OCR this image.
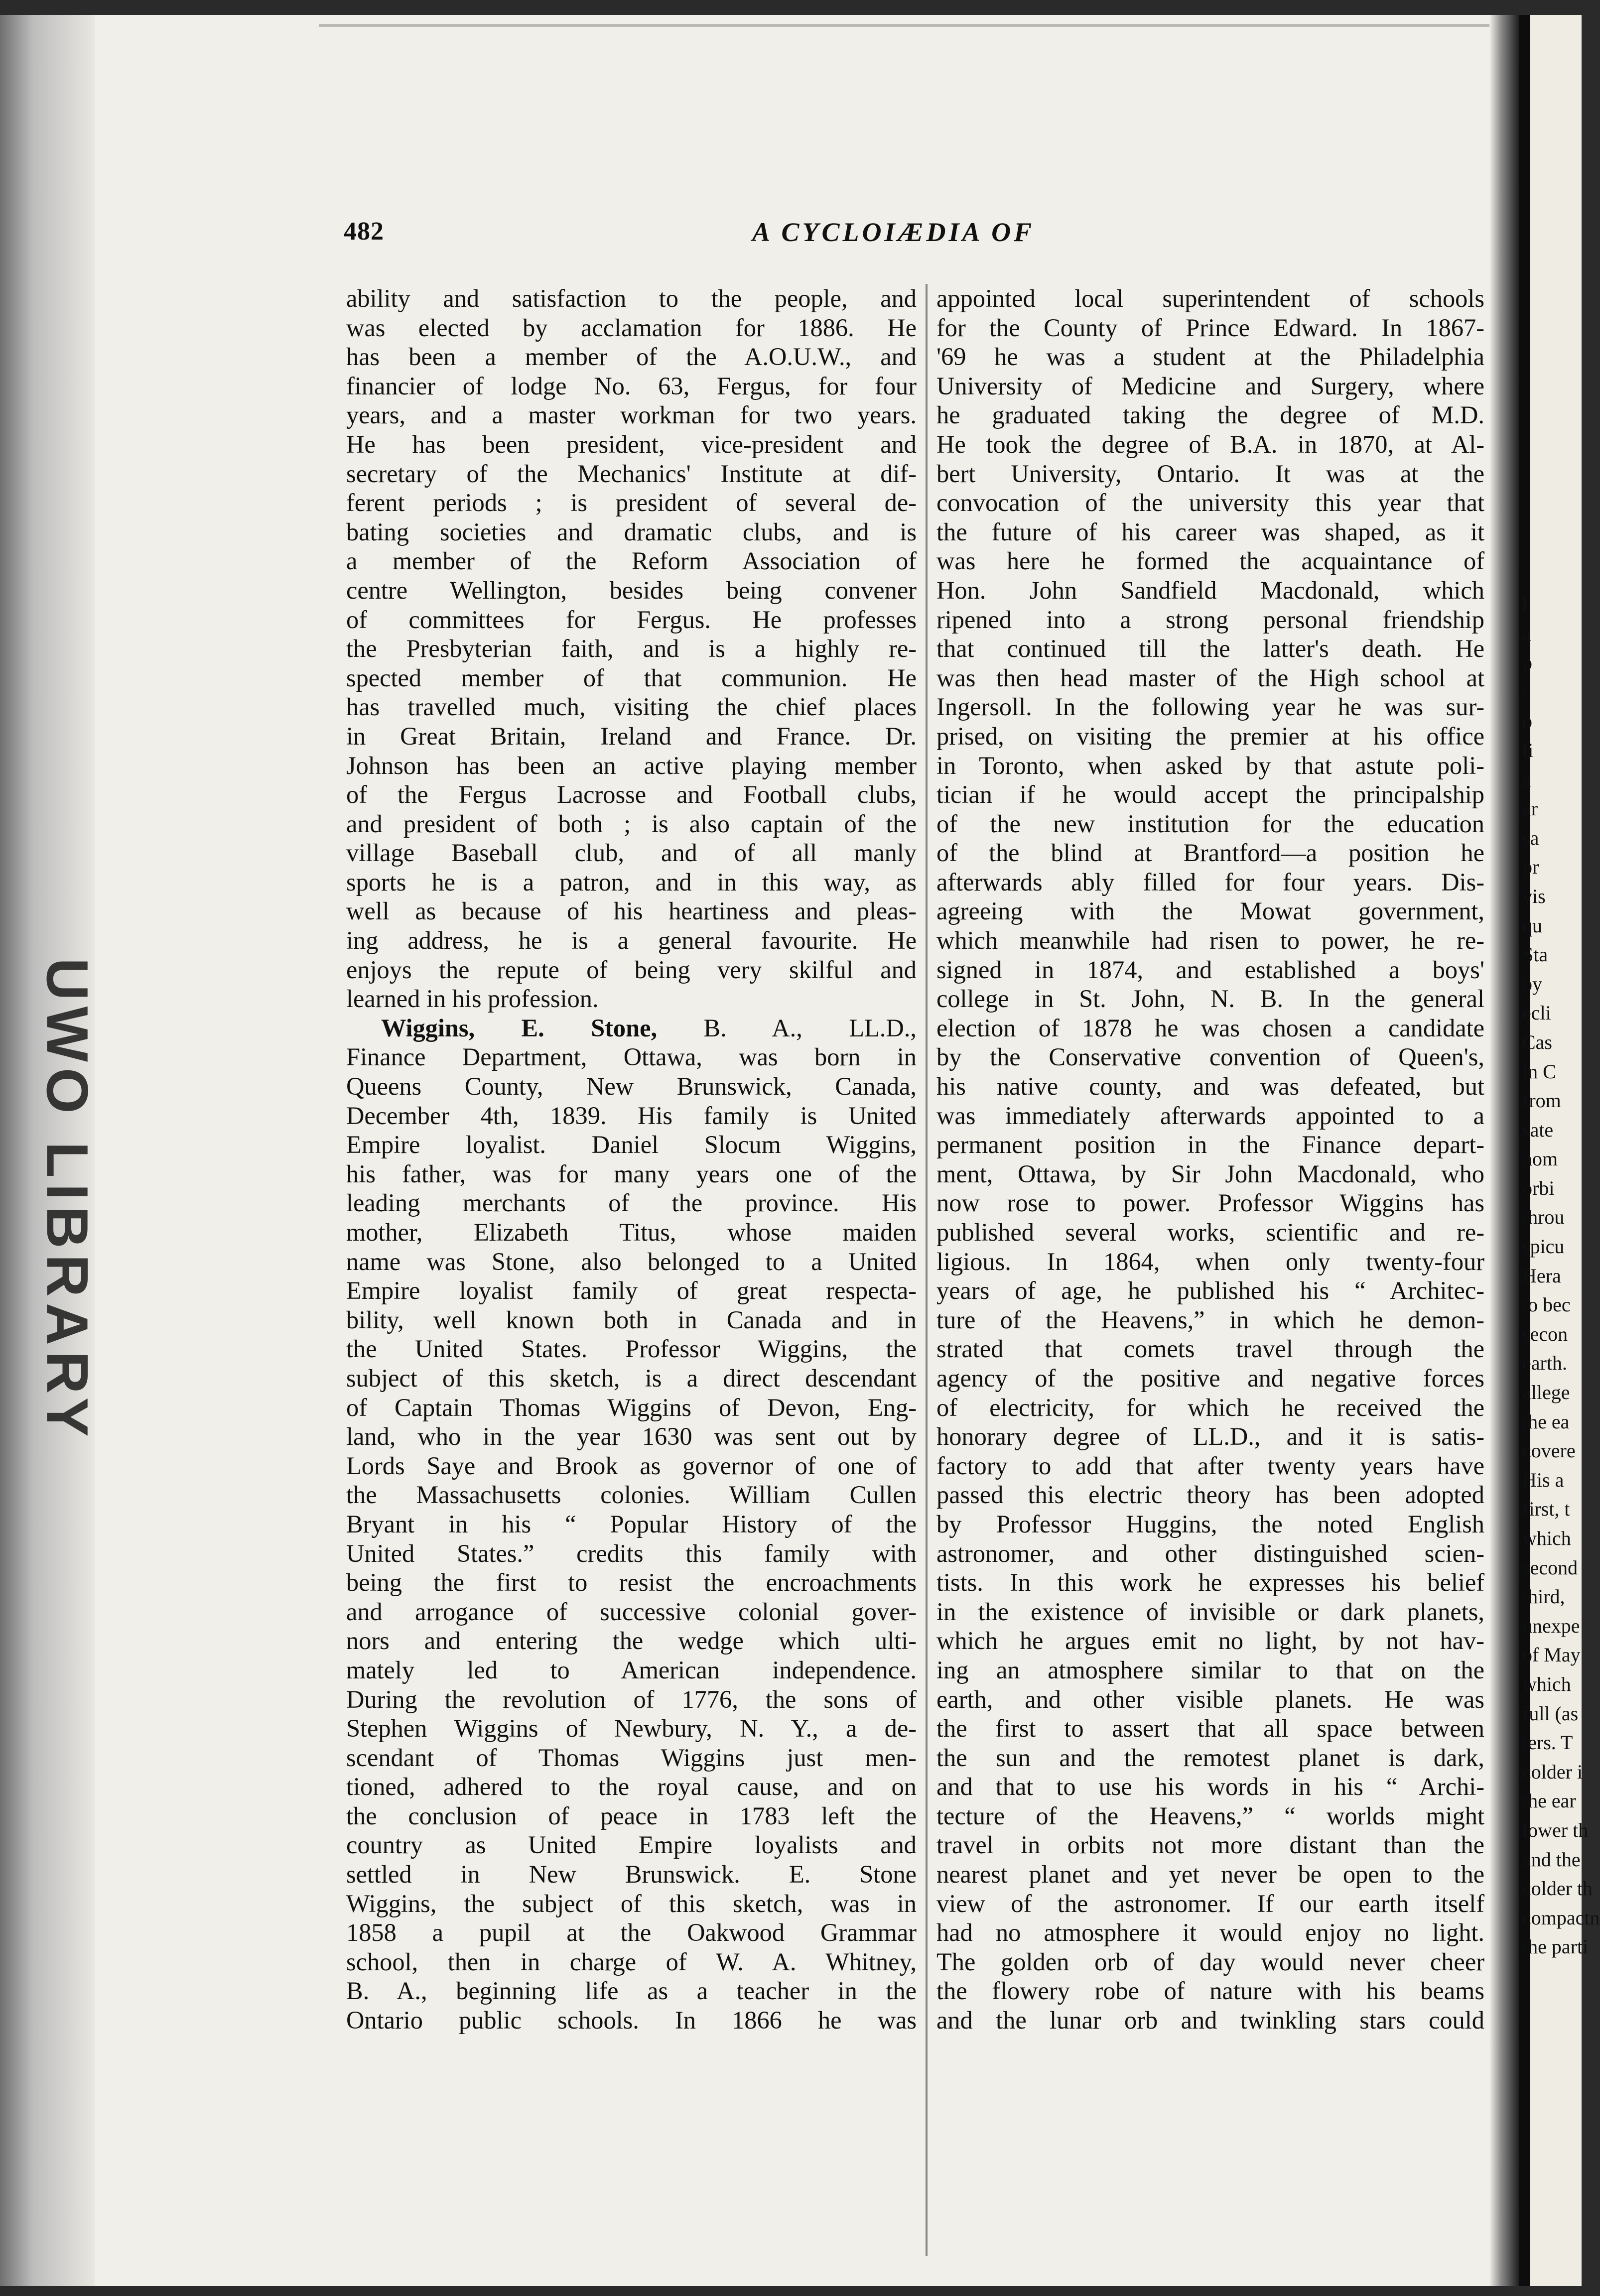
UWO LIBRARY
482	A CYCLOIÆDIA OF
ability and satisfaction to the people, and
was elected by acclamation for 1886. He
has been a member of the A.O.U.W., and
financier of lodge No. 63, Fergus, for four
years, and a master workman for two years.
He has been president, vice-president and
secretary of the Mechanics' Institute at dif-
ferent periods ; is president of several de-
bating societies and dramatic clubs, and is
a member of the Reform Association of
centre Wellington, besides being convener
of committees for Fergus. He professes
the Presbyterian faith, and is a highly re-
spected member of that communion. He
has travelled much, visiting the chief places
in Great Britain, Ireland and France. Dr.
Johnson has been an active playing member
of the Fergus Lacrosse and Football clubs,
and president of both ; is also captain of the
village Baseball club, and of all manly
sports he is a patron, and in this way, as
well as because of his heartiness and pleas-
ing address, he is a general favourite. He
enjoys the repute of being very skilful and
learned in his profession.
Wiggins, E. Stone, B. A., LL.D.,
Finance Department, Ottawa, was born in
Queens County, New Brunswick, Canada,
December 4th, 1839. His family is United
Empire loyalist. Daniel Slocum Wiggins,
his father, was for many years one of the
leading merchants of the province. His
mother, Elizabeth Titus, whose maiden
name was Stone, also belonged to a United
Empire loyalist family of great respecta-
bility, well known both in Canada and in
the United States. Professor Wiggins, the
subject of this sketch, is a direct descendant
of Captain Thomas Wiggins of Devon, Eng-
land, who in the year 1630 was sent out by
Lords Saye and Brook as governor of one of
the Massachusetts colonies. William Cullen
Bryant in his “ Popular History of the
United States.” credits this family with
being the first to resist the encroachments
and arrogance of successive colonial gover-
nors and entering the wedge which ulti-
mately led to American independence.
During the revolution of 1776, the sons of
Stephen Wiggins of Newbury, N. Y., a de-
scendant of Thomas Wiggins just men-
tioned, adhered to the royal cause, and on
the conclusion of peace in 1783 left the
country as United Empire loyalists and
settled in New Brunswick. E. Stone
Wiggins, the subject of this sketch, was in
1858 a pupil at the Oakwood Grammar
school, then in charge of W. A. Whitney,
B. A., beginning life as a teacher in the
Ontario public schools. In 1866 he was
appointed local superintendent of schools
for the County of Prince Edward. In 1867-
'69 he was a student at the Philadelphia
University of Medicine and Surgery, where
he graduated taking the degree of M.D.
He took the degree of B.A. in 1870, at Al-
bert University, Ontario. It was at the
convocation of the university this year that
the future of his career was shaped, as it
was here he formed the acquaintance of
Hon. John Sandfield Macdonald, which
ripened into a strong personal friendship
that continued till the latter's death. He
was then head master of the High school at
Ingersoll. In the following year he was sur-
prised, on visiting the premier at his office
in Toronto, when asked by that astute poli-
tician if he would accept the principalship
of the new institution for the education
of the blind at Brantford—a position he
afterwards ably filled for four years. Dis-
agreeing with the Mowat government,
which meanwhile had risen to power, he re-
signed in 1874, and established a boys'
college in St. John, N. B. In the general
election of 1878 he was chosen a candidate
by the Conservative convention of Queen's,
his native county, and was defeated, but
was immediately afterwards appointed to a
permanent position in the Finance depart-
ment, Ottawa, by Sir John Macdonald, who
now rose to power. Professor Wiggins has
published several works, scientific and re-
ligious. In 1864, when only twenty-four
years of age, he published his “ Architec-
ture of the Heavens,” in which he demon-
strated that comets travel through the
agency of the positive and negative forces
of electricity, for which he received the
honorary degree of LL.D., and it is satis-
factory to add that after twenty years have
passed this electric theory has been adopted
by Professor Huggins, the noted English
astronomer, and other distinguished scien-
tists. In this work he expresses his belief
in the existence of invisible or dark planets,
which he argues emit no light, by not hav-
ing an atmosphere similar to that on the
earth, and other visible planets. He was
the first to assert that all space between
the sun and the remotest planet is dark,
and that to use his words in his “ Archi-
tecture of the Heavens,” “ worlds might
travel in orbits not more distant than the
nearest planet and yet never be open to the
view of the astronomer. If our earth itself
had no atmosphere it would enjoy no light.
The golden orb of day would never cheer
the flowery robe of nature with his beams
and the lunar orb and twinkling stars could
l
a
p
t
o
li
a
ar
sa
pr
vis
qu
Sta
by
ecli
Cas
in C
from
sate
nom
orbi
throu
spicu
Hera
to bec
secon
earth.
allege
the ea
covere
His a
first, t
which
second
third,
unexpe
of May
which
full (as
ters. T
colder i
the ear
lower th
and the
colder th
compactn
the parti
